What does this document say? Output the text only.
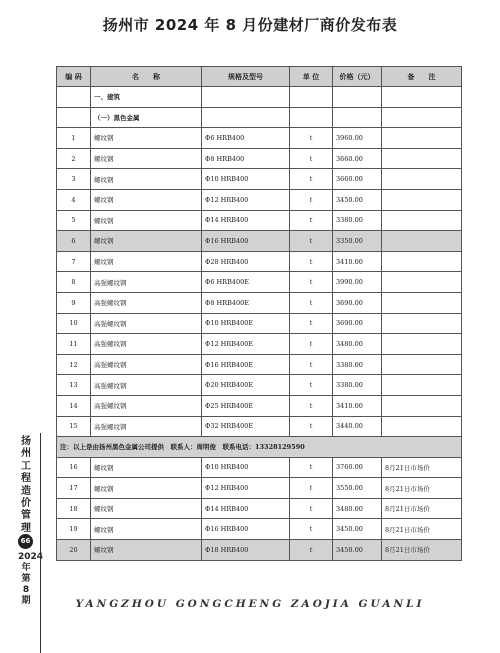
扬州市 2024 年 8 月份建材厂商价发布表
编 码	名　　称	规格及型号	单 位	价格（元）	备　　注
	一、建筑				
	（一）黑色金属				
1	螺纹钢	Φ6 HRB400	t	3960.00	
2	螺纹钢	Φ8 HRB400	t	3660.00	
3	螺纹钢	Φ10 HRB400	t	3660.00	
4	螺纹钢	Φ12 HRB400	t	3450.00	
5	螺纹钢	Φ14 HRB400	t	3380.00	
6	螺纹钢	Φ16 HRB400	t	3350.00	
7	螺纹钢	Φ28 HRB400	t	3410.00	
8	高强螺纹钢	Φ6 HRB400E	t	3990.00	
9	高强螺纹钢	Φ8 HRB400E	t	3690.00	
10	高强螺纹钢	Φ10 HRB400E	t	3690.00	
11	高强螺纹钢	Φ12 HRB400E	t	3480.00	
12	高强螺纹钢	Φ16 HRB400E	t	3380.00	
13	高强螺纹钢	Φ20 HRB400E	t	3380.00	
14	高强螺纹钢	Φ25 HRB400E	t	3410.00	
15	高强螺纹钢	Φ32 HRB400E	t	3440.00	
注：以上是由扬州黑色金属公司提供　联系人：周明俊　联系电话：13328129590					
16	螺纹钢	Φ10 HRB400	t	3760.00	8月21日市场价
17	螺纹钢	Φ12 HRB400	t	3550.00	8月21日市场价
18	螺纹钢	Φ14 HRB400	t	3480.00	8月21日市场价
19	螺纹钢	Φ16 HRB400	t	3450.00	8月21日市场价
20	螺纹钢	Φ18 HRB400	t	3450.00	8月21日市场价
扬
州
工
程
造
价
管
理
66
2024
年
第
8
期	YANGZHOU GONGCHENG ZAOJIA GUANLI
